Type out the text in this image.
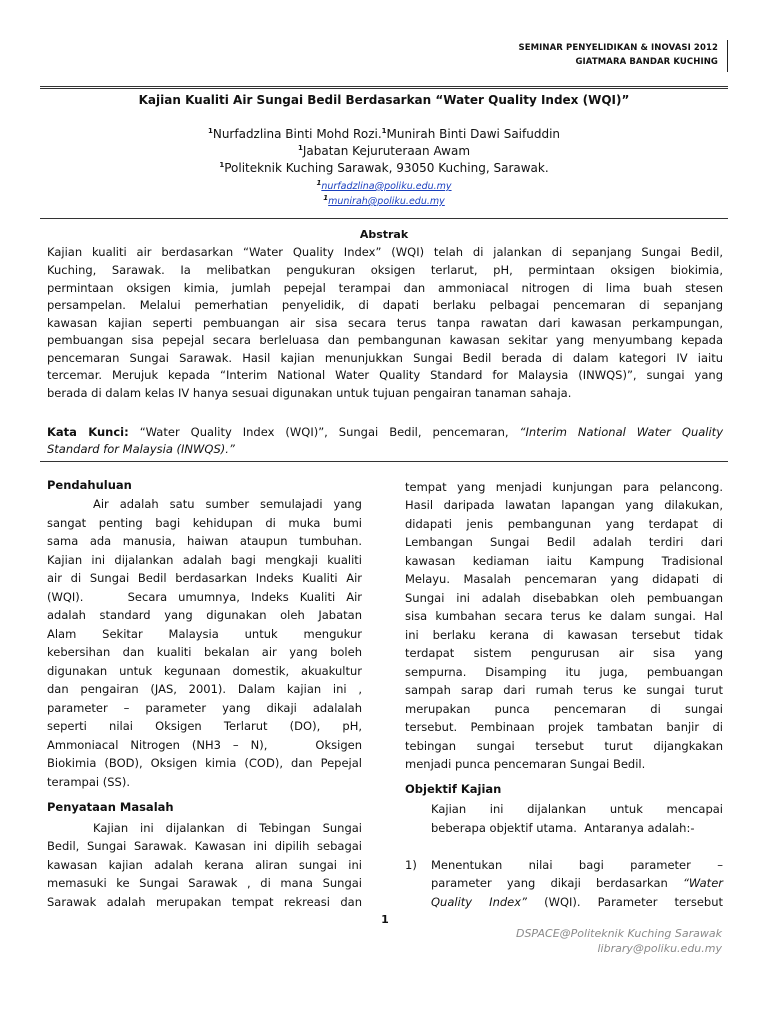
SEMINAR PENYELIDIKAN & INOVASI 2012
GIATMARA BANDAR KUCHING
Kajian Kualiti Air Sungai Bedil Berdasarkan “Water Quality Index (WQI)”
$^1$Nurfadzlina Binti Mohd Rozi.$^1$Munirah Binti Dawi Saifuddin
$^1$Jabatan Kejuruteraan Awam
$^1$Politeknik Kuching Sarawak, 93050 Kuching, Sarawak.
$^1$nurfadzlina@poliku.edu.my
$^1$munirah@poliku.edu.my
Abstrak
Kajian kualiti air berdasarkan “Water Quality Index” (WQI) telah di jalankan di sepanjang Sungai Bedil,
Kuching, Sarawak. Ia melibatkan pengukuran oksigen terlarut, pH, permintaan oksigen biokimia,
permintaan oksigen kimia, jumlah pepejal terampai dan ammoniacal nitrogen di lima buah stesen
persampelan. Melalui pemerhatian penyelidik, di dapati berlaku pelbagai pencemaran di sepanjang
kawasan kajian seperti pembuangan air sisa secara terus tanpa rawatan dari kawasan perkampungan,
pembuangan sisa pepejal secara berleluasa dan pembangunan kawasan sekitar yang menyumbang kepada
pencemaran Sungai Sarawak. Hasil kajian menunjukkan Sungai Bedil berada di dalam kategori IV iaitu
tercemar. Merujuk kepada “Interim National Water Quality Standard for Malaysia (INWQS)”, sungai yang
berada di dalam kelas IV hanya sesuai digunakan untuk tujuan pengairan tanaman sahaja.
Kata Kunci: “Water Quality Index (WQI)”, Sungai Bedil, pencemaran, “Interim National Water Quality
Standard for Malaysia (INWQS).”
Pendahuluan
Air adalah satu sumber semulajadi yang
sangat penting bagi kehidupan di muka bumi
sama ada manusia, haiwan ataupun tumbuhan.
Kajian ini dijalankan adalah bagi mengkaji kualiti
air di Sungai Bedil berdasarkan Indeks Kualiti Air
(WQI).    Secara umumnya, Indeks Kualiti Air
adalah standard yang digunakan oleh Jabatan
Alam Sekitar Malaysia untuk mengukur
kebersihan dan kualiti bekalan air yang boleh
digunakan untuk kegunaan domestik, akuakultur
dan pengairan (JAS, 2001). Dalam kajian ini ,
parameter – parameter yang dikaji adalalah
seperti nilai Oksigen Terlarut (DO), pH,
Ammoniacal Nitrogen (NH3 – N),    Oksigen
Biokimia (BOD), Oksigen kimia (COD), dan Pepejal
terampai (SS).
Penyataan Masalah
Kajian ini dijalankan di Tebingan Sungai
Bedil, Sungai Sarawak. Kawasan ini dipilih sebagai
kawasan kajian adalah kerana aliran sungai ini
memasuki ke Sungai Sarawak , di mana Sungai
Sarawak adalah merupakan tempat rekreasi dan
tempat yang menjadi kunjungan para pelancong.
Hasil daripada lawatan lapangan yang dilakukan,
didapati jenis pembangunan yang terdapat di
Lembangan Sungai Bedil adalah terdiri dari
kawasan kediaman iaitu Kampung Tradisional
Melayu. Masalah pencemaran yang didapati di
Sungai ini adalah disebabkan oleh pembuangan
sisa kumbahan secara terus ke dalam sungai. Hal
ini berlaku kerana di kawasan tersebut tidak
terdapat sistem pengurusan air sisa yang
sempurna. Disamping itu juga, pembuangan
sampah sarap dari rumah terus ke sungai turut
merupakan punca pencemaran di sungai
tersebut. Pembinaan projek tambatan banjir di
tebingan sungai tersebut turut dijangkakan
menjadi punca pencemaran Sungai Bedil.
Objektif Kajian
Kajian    ini    dijalankan    untuk    mencapai
beberapa objektif utama.  Antaranya adalah:-
1) Menentukan   nilai   bagi   parameter   –
parameter yang dikaji berdasarkan “Water
Quality  Index”  (WQI).  Parameter  tersebut
1
DSPACE@Politeknik Kuching Sarawak
library@poliku.edu.my
